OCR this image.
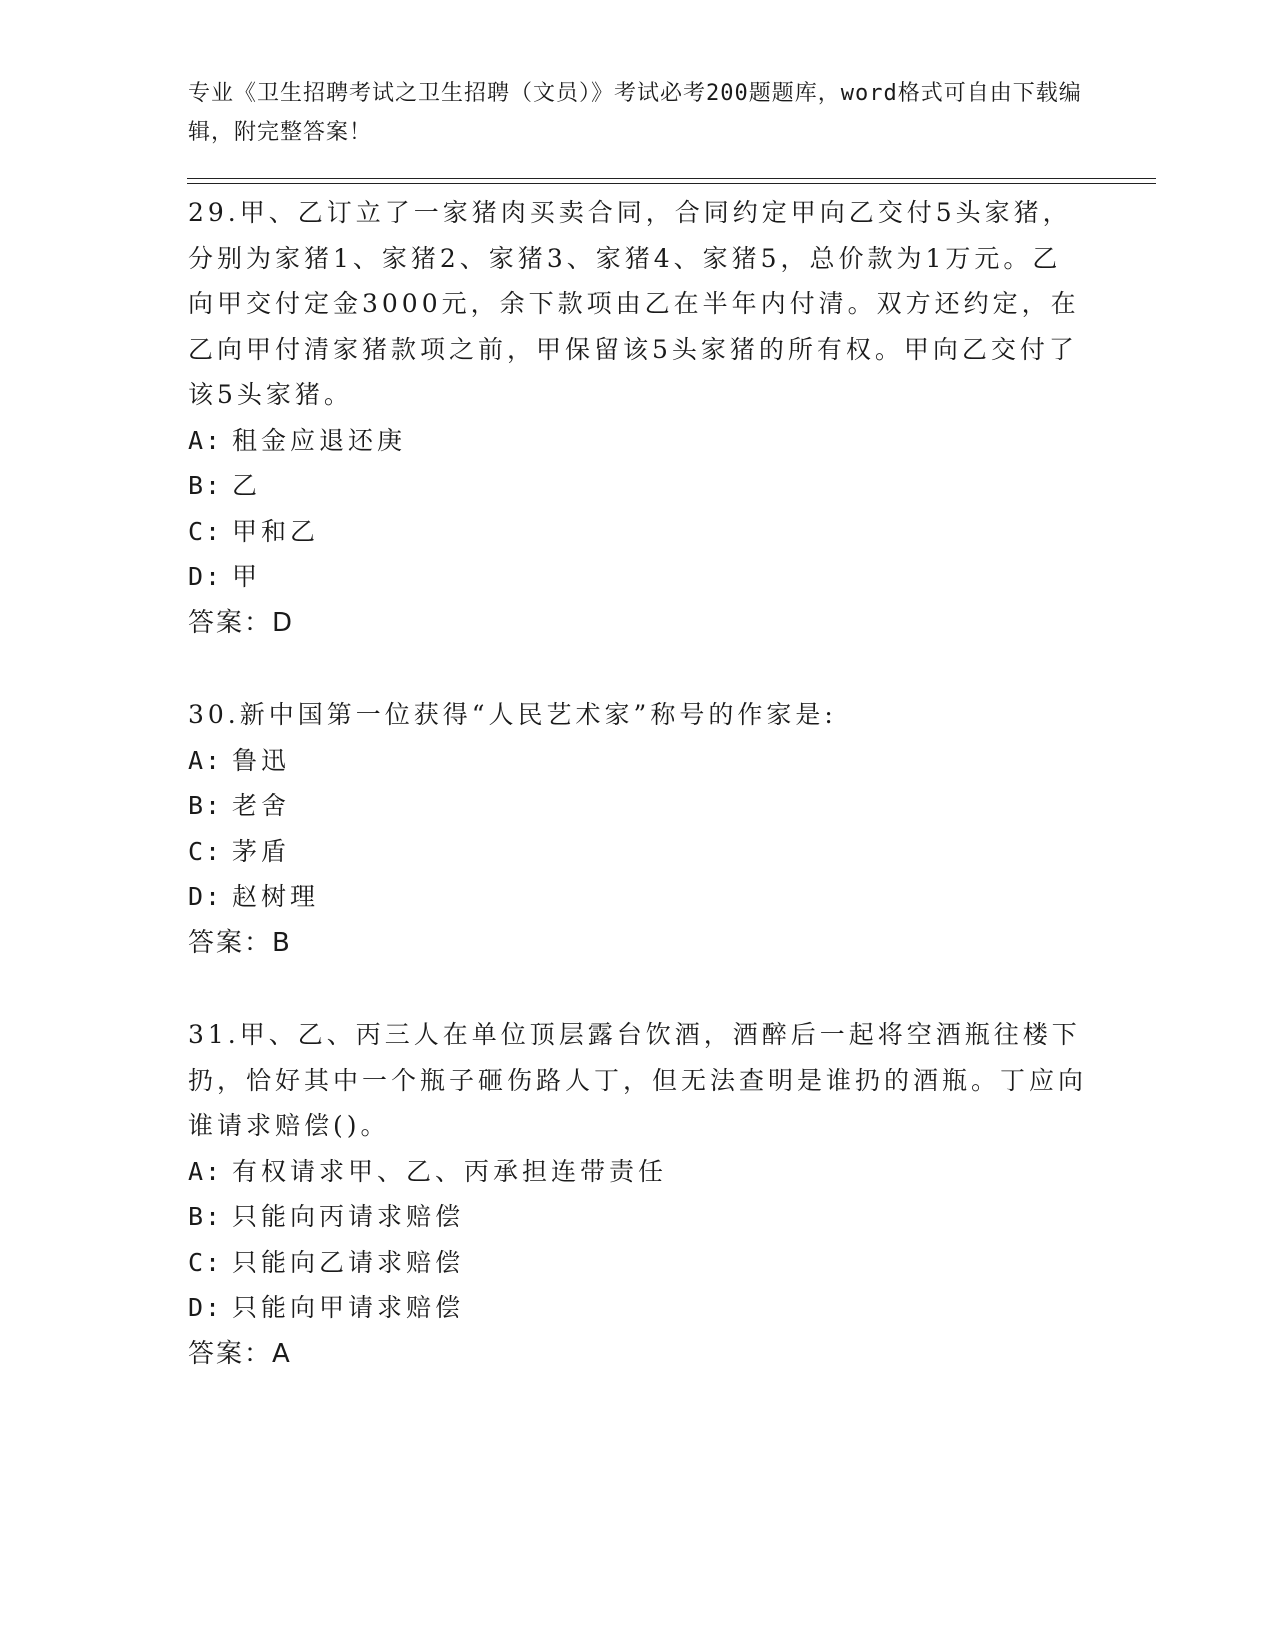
专业《卫生招聘考试之卫生招聘（文员）》考试必考200题题库，word格式可自由下载编辑，附完整答案！

29.甲、乙订立了一家猪肉买卖合同，合同约定甲向乙交付5头家猪，分别为家猪1、家猪2、家猪3、家猪4、家猪5，总价款为1万元。乙向甲交付定金3000元，余下款项由乙在半年内付清。双方还约定，在乙向甲付清家猪款项之前，甲保留该5头家猪的所有权。甲向乙交付了该5头家猪。

A: 租金应退还庚

B: 乙

C: 甲和乙

D: 甲

答案：D

30.新中国第一位获得“人民艺术家”称号的作家是:

A: 鲁迅

B: 老舍

C: 茅盾

D: 赵树理

答案：B

31.甲、乙、丙三人在单位顶层露台饮酒，酒醉后一起将空酒瓶往楼下扔，恰好其中一个瓶子砸伤路人丁，但无法查明是谁扔的酒瓶。丁应向谁请求赔偿()。

A: 有权请求甲、乙、丙承担连带责任

B: 只能向丙请求赔偿

C: 只能向乙请求赔偿

D: 只能向甲请求赔偿

答案：A
